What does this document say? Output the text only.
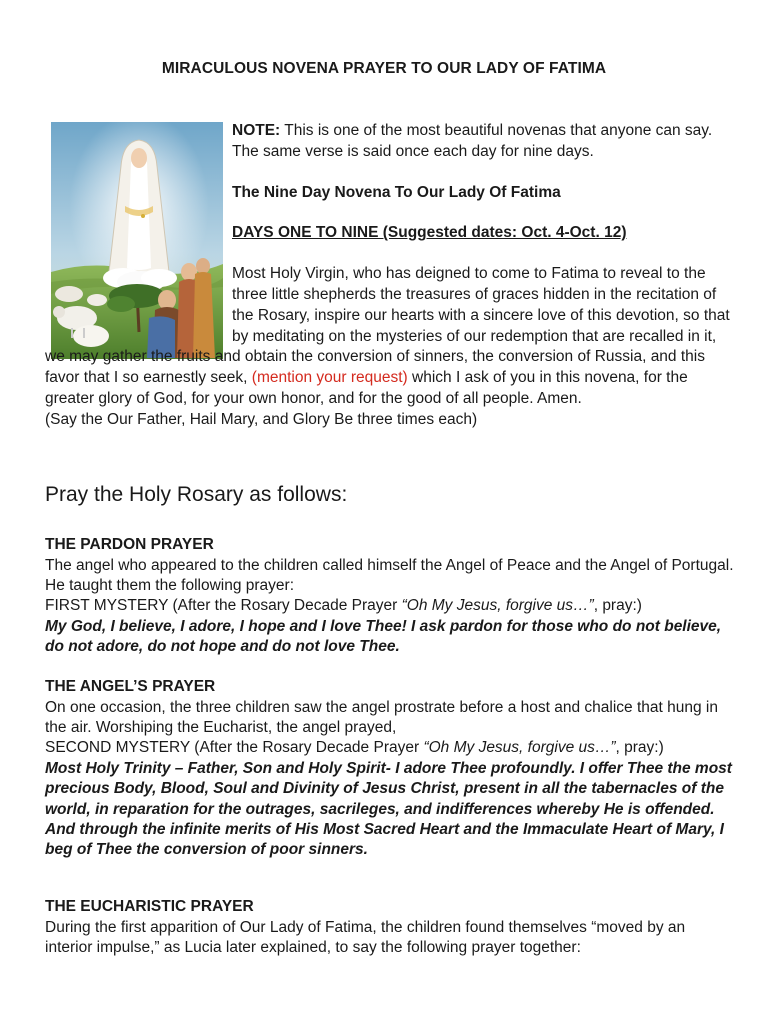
MIRACULOUS NOVENA PRAYER TO OUR LADY OF FATIMA

NOTE: This is one of the most beautiful novenas that anyone can say. The same verse is said once each day for nine days.

The Nine Day Novena To Our Lady Of Fatima

DAYS ONE TO NINE (Suggested dates: Oct. 4-Oct. 12)

Most Holy Virgin, who has deigned to come to Fatima to reveal to the three little shepherds the treasures of graces hidden in the recitation of the Rosary, inspire our hearts with a sincere love of this devotion, so that by meditating on the mysteries of our redemption that are recalled in it, we may gather the fruits and obtain the conversion of sinners, the conversion of Russia, and this favor that I so earnestly seek, (mention your request) which I ask of you in this novena, for the greater glory of God, for your own honor, and for the good of all people. Amen.

(Say the Our Father, Hail Mary, and Glory Be three times each)

Pray the Holy Rosary as follows:
THE PARDON PRAYER

The angel who appeared to the children called himself the Angel of Peace and the Angel of Portugal. He taught them the following prayer:

FIRST MYSTERY (After the Rosary Decade Prayer “Oh My Jesus, forgive us…”, pray:)

My God, I believe, I adore, I hope and I love Thee! I ask pardon for those who do not believe, do not adore, do not hope and do not love Thee.

THE ANGEL’S PRAYER

On one occasion, the three children saw the angel prostrate before a host and chalice that hung in the air. Worshiping the Eucharist, the angel prayed,

SECOND MYSTERY (After the Rosary Decade Prayer “Oh My Jesus, forgive us…”, pray:)

Most Holy Trinity – Father, Son and Holy Spirit- I adore Thee profoundly. I offer Thee the most precious Body, Blood, Soul and Divinity of Jesus Christ, present in all the tabernacles of the world, in reparation for the outrages, sacrileges, and indifferences whereby He is offended. And through the infinite merits of His Most Sacred Heart and the Immaculate Heart of Mary, I beg of Thee the conversion of poor sinners.

THE EUCHARISTIC PRAYER

During the first apparition of Our Lady of Fatima, the children found themselves “moved by an interior impulse,” as Lucia later explained, to say the following prayer together:
